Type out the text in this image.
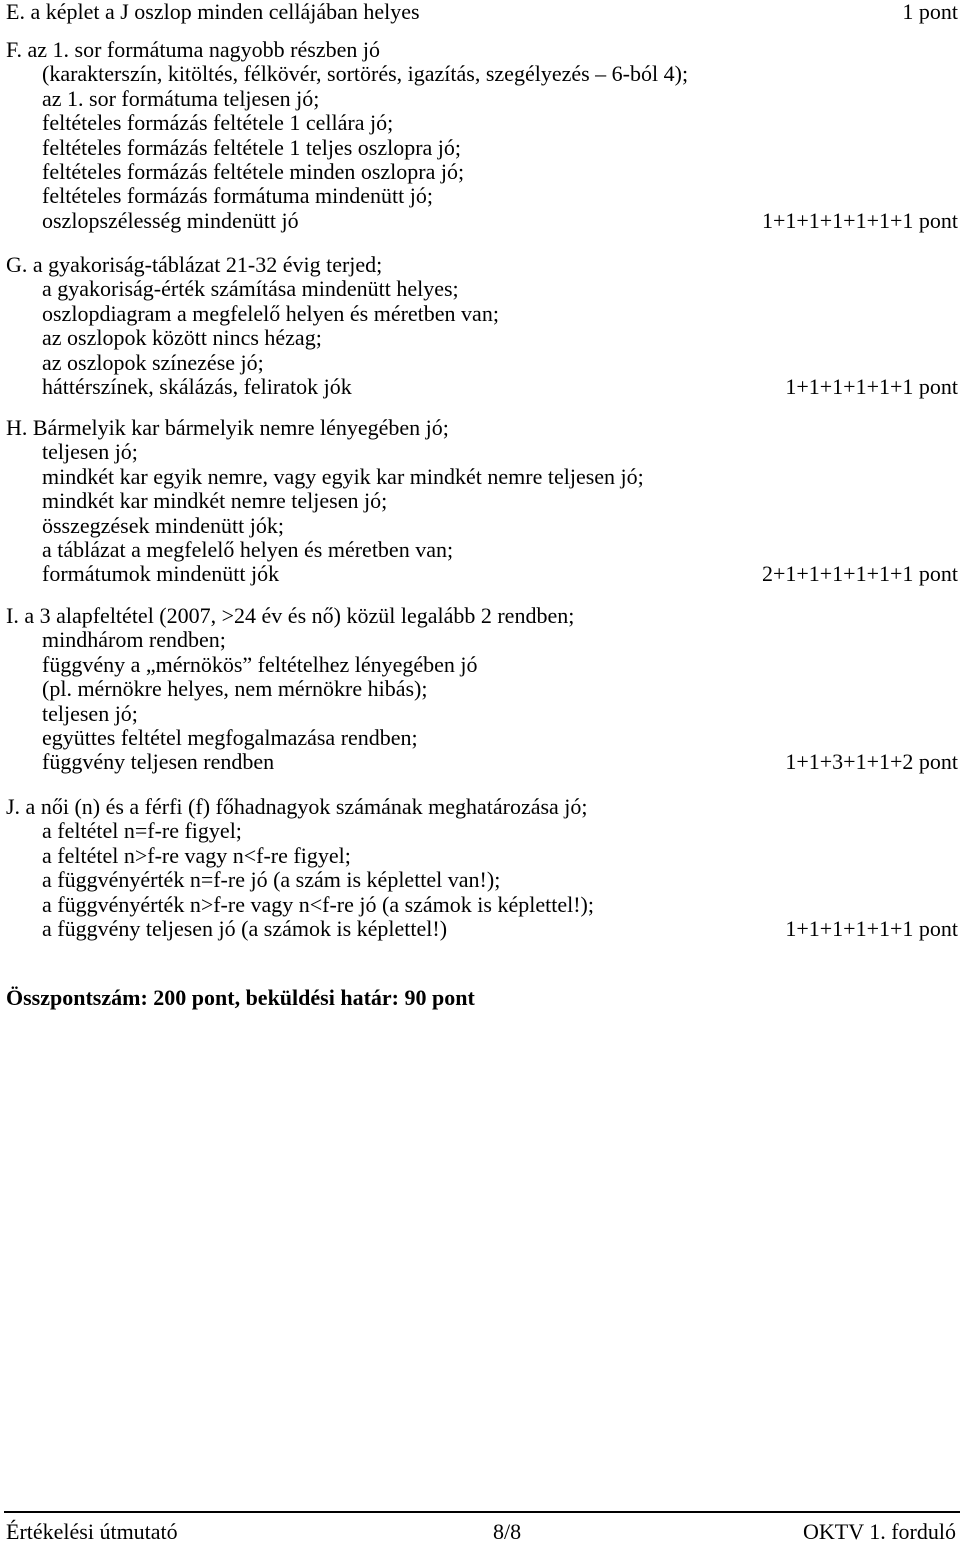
E. a képlet a J oszlop minden cellájában helyes	1 pont
F. az 1. sor formátuma nagyobb részben jó
(karakterszín, kitöltés, félkövér, sortörés, igazítás, szegélyezés – 6-ból 4);
az 1. sor formátuma teljesen jó;
feltételes formázás feltétele 1 cellára jó;
feltételes formázás feltétele 1 teljes oszlopra jó;
feltételes formázás feltétele minden oszlopra jó;
feltételes formázás formátuma mindenütt jó;
oszlopszélesség mindenütt jó	1+1+1+1+1+1+1 pont
G. a gyakoriság-táblázat 21-32 évig terjed;
a gyakoriság-érték számítása mindenütt helyes;
oszlopdiagram a megfelelő helyen és méretben van;
az oszlopok között nincs hézag;
az oszlopok színezése jó;
háttérszínek, skálázás, feliratok jók	1+1+1+1+1+1 pont
H. Bármelyik kar bármelyik nemre lényegében jó;
teljesen jó;
mindkét kar egyik nemre, vagy egyik kar mindkét nemre teljesen jó;
mindkét kar mindkét nemre teljesen jó;
összegzések mindenütt jók;
a táblázat a megfelelő helyen és méretben van;
formátumok mindenütt jók	2+1+1+1+1+1+1 pont
I. a 3 alapfeltétel (2007, >24 év és nő) közül legalább 2 rendben;
mindhárom rendben;
függvény a „mérnökös” feltételhez lényegében jó
(pl. mérnökre helyes, nem mérnökre hibás);
teljesen jó;
együttes feltétel megfogalmazása rendben;
függvény teljesen rendben	1+1+3+1+1+2 pont
J. a női (n) és a férfi (f) főhadnagyok számának meghatározása jó;
a feltétel n=f-re figyel;
a feltétel n>f-re vagy n<f-re figyel;
a függvényérték n=f-re jó (a szám is képlettel van!);
a függvényérték n>f-re vagy n<f-re jó (a számok is képlettel!);
a függvény teljesen jó (a számok is képlettel!)	1+1+1+1+1+1 pont
Összpontszám: 200 pont, beküldési határ: 90 pont
Értékelési útmutató	8/8	OKTV 1. forduló
